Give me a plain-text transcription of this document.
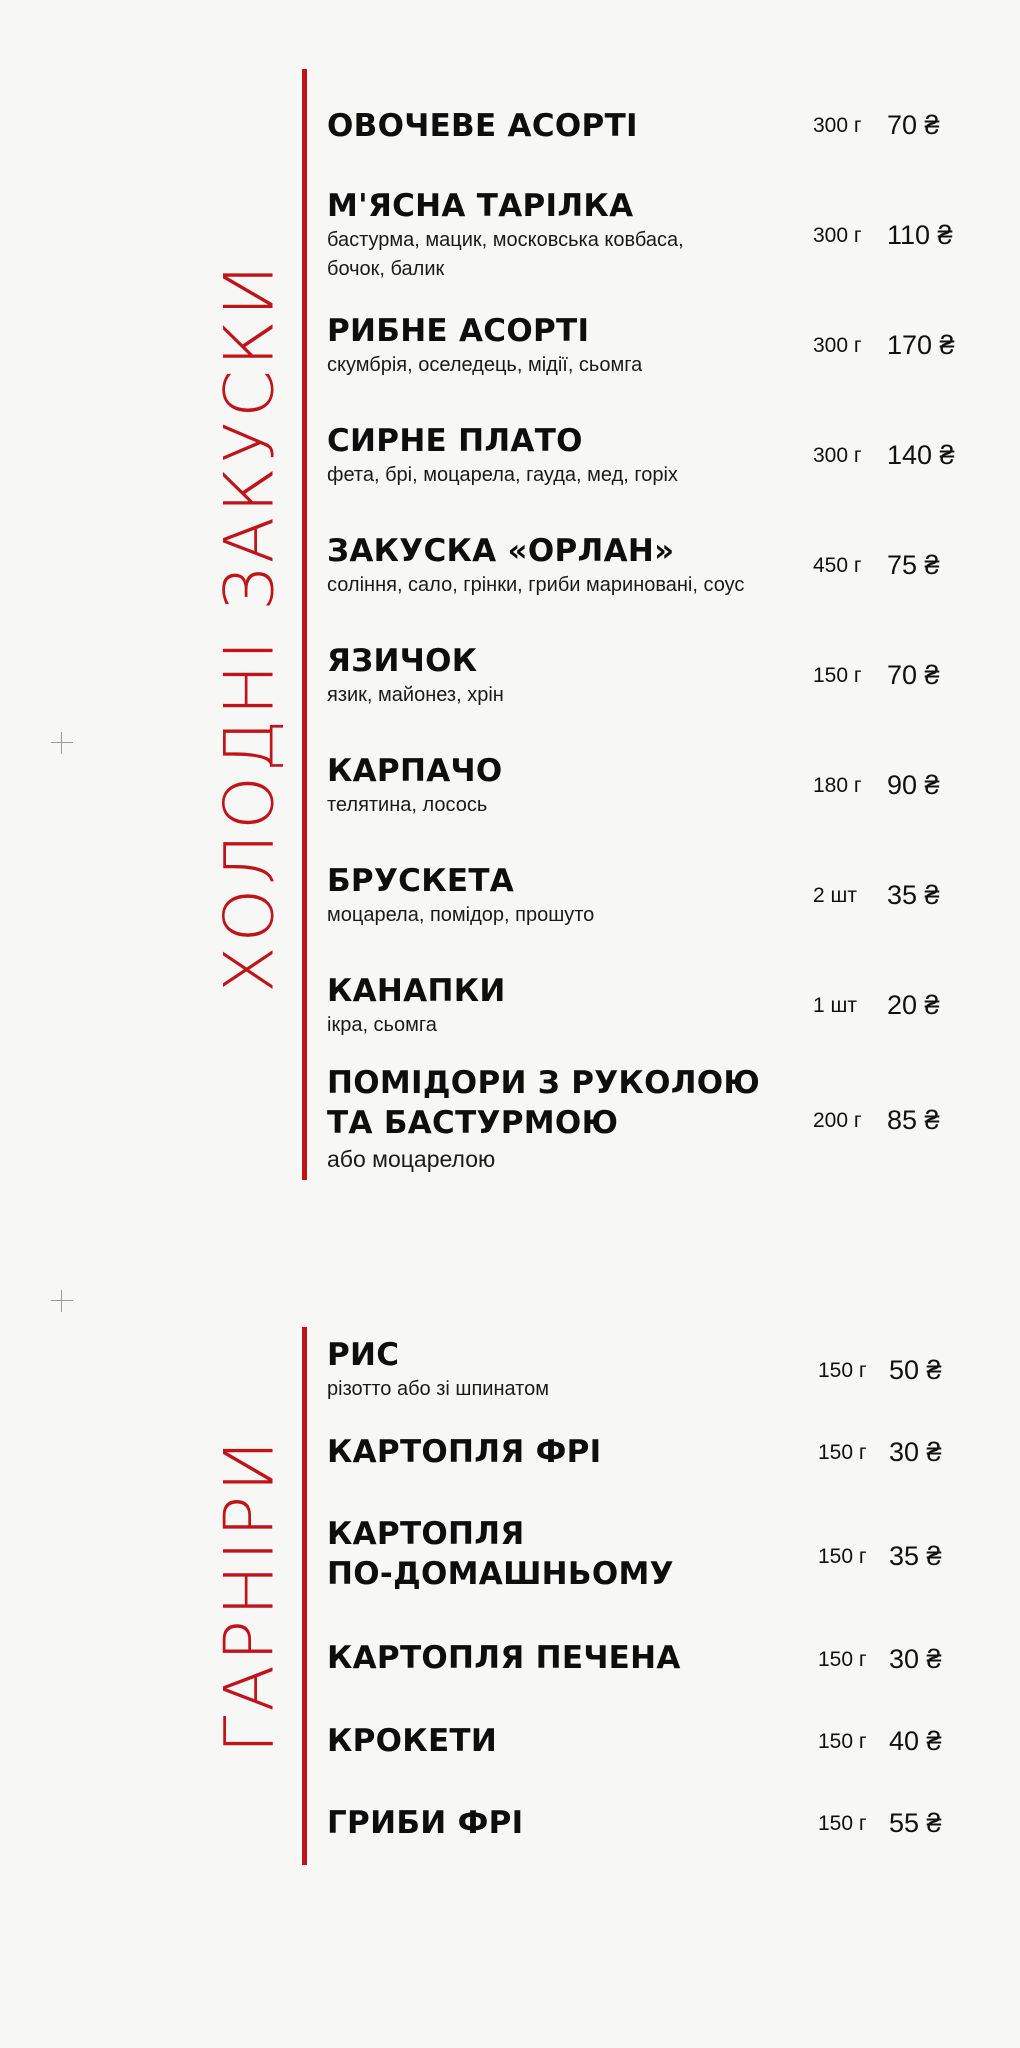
ХОЛОДНІ ЗАКУСКИ
ОВОЧЕВЕ АСОРТІ	300 г 70 ₴
М'ЯСНА ТАРІЛКА
бастурма, мацик, московська ковбаса, бочок, балик
300 г 110 ₴
РИБНЕ АСОРТІ
скумбрія, оселедець, мідії, сьомга
300 г 170 ₴
СИРНЕ ПЛАТО
фета, брі, моцарела, гауда, мед, горіх
300 г 140 ₴
ЗАКУСКА «ОРЛАН»
соління, сало, грінки, гриби мариновані, соус
450 г 75 ₴
ЯЗИЧОК
язик, майонез, хрін
150 г 70 ₴
КАРПАЧО
телятина, лосось
180 г 90 ₴
БРУСКЕТА
моцарела, помідор, прошуто
2 шт 35 ₴
КАНАПКИ
ікра, сьомга
1 шт 20 ₴
ПОМІДОРИ З РУКОЛОЮ
ТА БАСТУРМОЮ
або моцарелою
200 г 85 ₴
ГАРНІРИ
РИС
різотто або зі шпинатом
150 г 50 ₴
КАРТОПЛЯ ФРІ	150 г 30 ₴
КАРТОПЛЯ
ПО-ДОМАШНЬОМУ	150 г 35 ₴
КАРТОПЛЯ ПЕЧЕНА	150 г 30 ₴
КРОКЕТИ	150 г 40 ₴
ГРИБИ ФРІ	150 г 55 ₴
